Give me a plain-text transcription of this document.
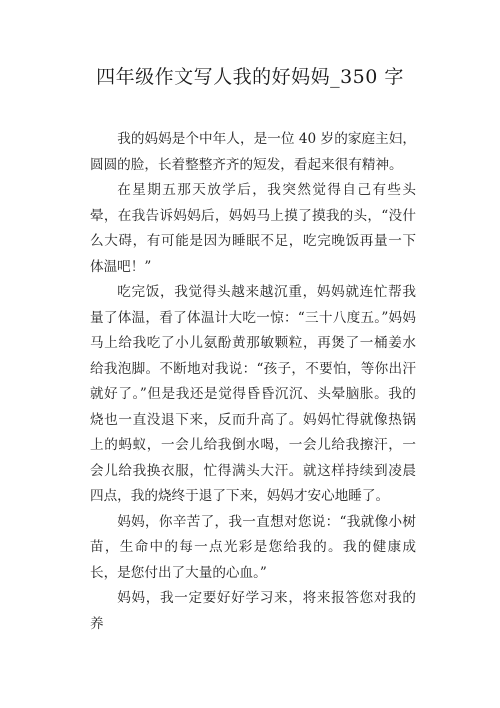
四年级作文写人我的好妈妈_350 字

我的妈妈是个中年人，是一位 40 岁的家庭主妇，圆圆的脸，长着整整齐齐的短发，看起来很有精神。

在星期五那天放学后，我突然觉得自己有些头晕，在我告诉妈妈后，妈妈马上摸了摸我的头，“没什么大碍，有可能是因为睡眠不足，吃完晚饭再量一下体温吧！”

吃完饭，我觉得头越来越沉重，妈妈就连忙帮我量了体温，看了体温计大吃一惊：“三十八度五。”妈妈马上给我吃了小儿氨酚黄那敏颗粒，再煲了一桶姜水给我泡脚。不断地对我说：“孩子，不要怕，等你出汗就好了。”但是我还是觉得昏昏沉沉、头晕脑胀。我的烧也一直没退下来，反而升高了。妈妈忙得就像热锅上的蚂蚁，一会儿给我倒水喝，一会儿给我擦汗，一会儿给我换衣服，忙得满头大汗。就这样持续到凌晨四点，我的烧终于退了下来，妈妈才安心地睡了。

妈妈，你辛苦了，我一直想对您说：“我就像小树苗，生命中的每一点光彩是您给我的。我的健康成长，是您付出了大量的心血。”

妈妈，我一定要好好学习来，将来报答您对我的养
